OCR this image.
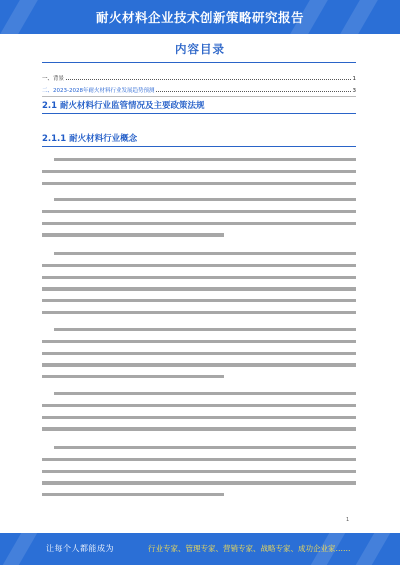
耐火材料企业技术创新策略研究报告
内容目录
一、背景	1
二、2023-2028年耐火材料行业发展趋势预测	3
2.1 耐火材料行业监管情况及主要政策法规
2.1.1 耐火材料行业概念
1
让每个人都能成为	行业专家、管理专家、营销专家、战略专家、成功企业家……
